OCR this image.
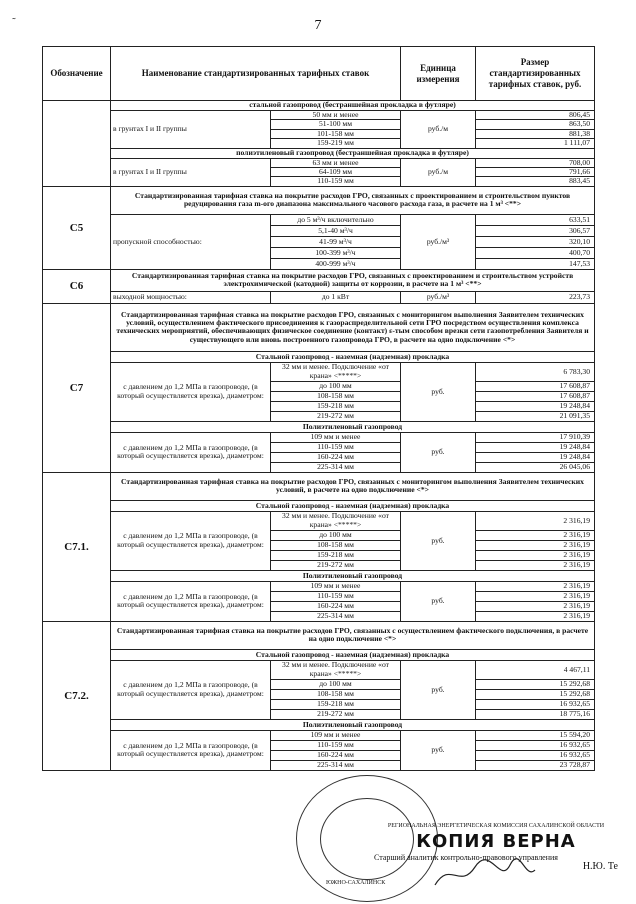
˜	7
Обозначение	Наименование стандартизированных тарифных ставок		Единица измерения	Размер стандартизированных тарифных ставок, руб.
	стальной газопровод (бестраншейная прокладка в футляре)			
	в грунтах I и II группы	50 мм и менее	руб./м	806,45
		51-100 мм		863,50
		101-158 мм		881,38
		159-219 мм		1 111,07
	полиэтиленовый газопровод (бестраншейная прокладка в футляре)			
	в грунтах I и II группы	63 мм и менее	руб./м	708,00
		64-109 мм		791,66
		110-159 мм		883,45
C5	Стандартизированная тарифная ставка на покрытие расходов ГРО, связанных с проектированием и строительством пунктов редуцирования газа m-ого диапазона максимального часового расхода газа, в расчете на 1 м³ <**>			
	пропускной способностью:	до 5 м³/ч включительно	руб./м³	633,51
		5,1-40 м³/ч		306,57
		41-99 м³/ч		320,10
		100-399 м³/ч		400,70
		400-999 м³/ч		147,53
C6	Стандартизированная тарифная ставка на покрытие расходов ГРО, связанных с проектированием и строительством устройств электрохимической (катодной) защиты от коррозии, в расчете на 1 м³ <**>			
	выходной мощностью:	до 1 кВт	руб./м³	223,73
C7	Стандартизированная тарифная ставка на покрытие расходов ГРО, связанных с мониторингом выполнения Заявителем технических условий, осуществлением фактического присоединения к газораспределительной сети ГРО посредством осуществления комплекса технических мероприятий, обеспечивающих физическое соединение (контакт) ε-тым способом врезки сети газопотребления Заявителя и существующего или вновь построенного газопровода ГРО, в расчете на одно подключение <*>			
	Стальной газопровод - наземная (надземная) прокладка			
	с давлением до 1,2 МПа в газопроводе, (в который осуществляется врезка), диаметром:	32 мм и менее. Подключение «от крана» <*****>	руб.	6 783,30
		до 100 мм		17 608,87
		108-158 мм		17 608,87
		159-218 мм		19 248,84
		219-272 мм		21 091,35
	Полиэтиленовый газопровод			
	с давлением до 1,2 МПа в газопроводе, (в который осуществляется врезка), диаметром:	109 мм и менее	руб.	17 910,39
		110-159 мм		19 248,84
		160-224 мм		19 248,84
		225-314 мм		26 045,06
C7.1.	Стандартизированная тарифная ставка на покрытие расходов ГРО, связанных с мониторингом выполнения Заявителем технических условий, в расчете на одно подключение <*>			
	Стальной газопровод - наземная (надземная) прокладка			
	с давлением до 1,2 МПа в газопроводе, (в который осуществляется врезка), диаметром:	32 мм и менее. Подключение «от крана» <*****>	руб.	2 316,19
		до 100 мм		2 316,19
		108-158 мм		2 316,19
		159-218 мм		2 316,19
		219-272 мм		2 316,19
	Полиэтиленовый газопровод			
	с давлением до 1,2 МПа в газопроводе, (в который осуществляется врезка), диаметром:	109 мм и менее	руб.	2 316,19
		110-159 мм		2 316,19
		160-224 мм		2 316,19
		225-314 мм		2 316,19
C7.2.	Стандартизированная тарифная ставка на покрытие расходов ГРО, связанных с осуществлением фактического подключения, в расчете на одно подключение <*>			
	Стальной газопровод - наземная (надземная) прокладка			
	с давлением до 1,2 МПа в газопроводе, (в который осуществляется врезка), диаметром:	32 мм и менее. Подключение «от крана» <*****>	руб.	4 467,11
		до 100 мм		15 292,68
		108-158 мм		15 292,68
		159-218 мм		16 932,65
		219-272 мм		18 775,16
	Полиэтиленовый газопровод			
	с давлением до 1,2 МПа в газопроводе, (в который осуществляется врезка), диаметром:	109 мм и менее	руб.	15 594,20
		110-159 мм		16 932,65
		160-224 мм		16 932,65
		225-314 мм		23 728,87
ЮЖНО-САХАЛИНСК
РЕГИОНАЛЬНАЯ ЭНЕРГЕТИЧЕСКАЯ КОМИССИЯ САХАЛИНСКОЙ ОБЛАСТИ
КОПИЯ ВЕРНА
Старший аналитик контрольно-правового управления
Н.Ю. Те
